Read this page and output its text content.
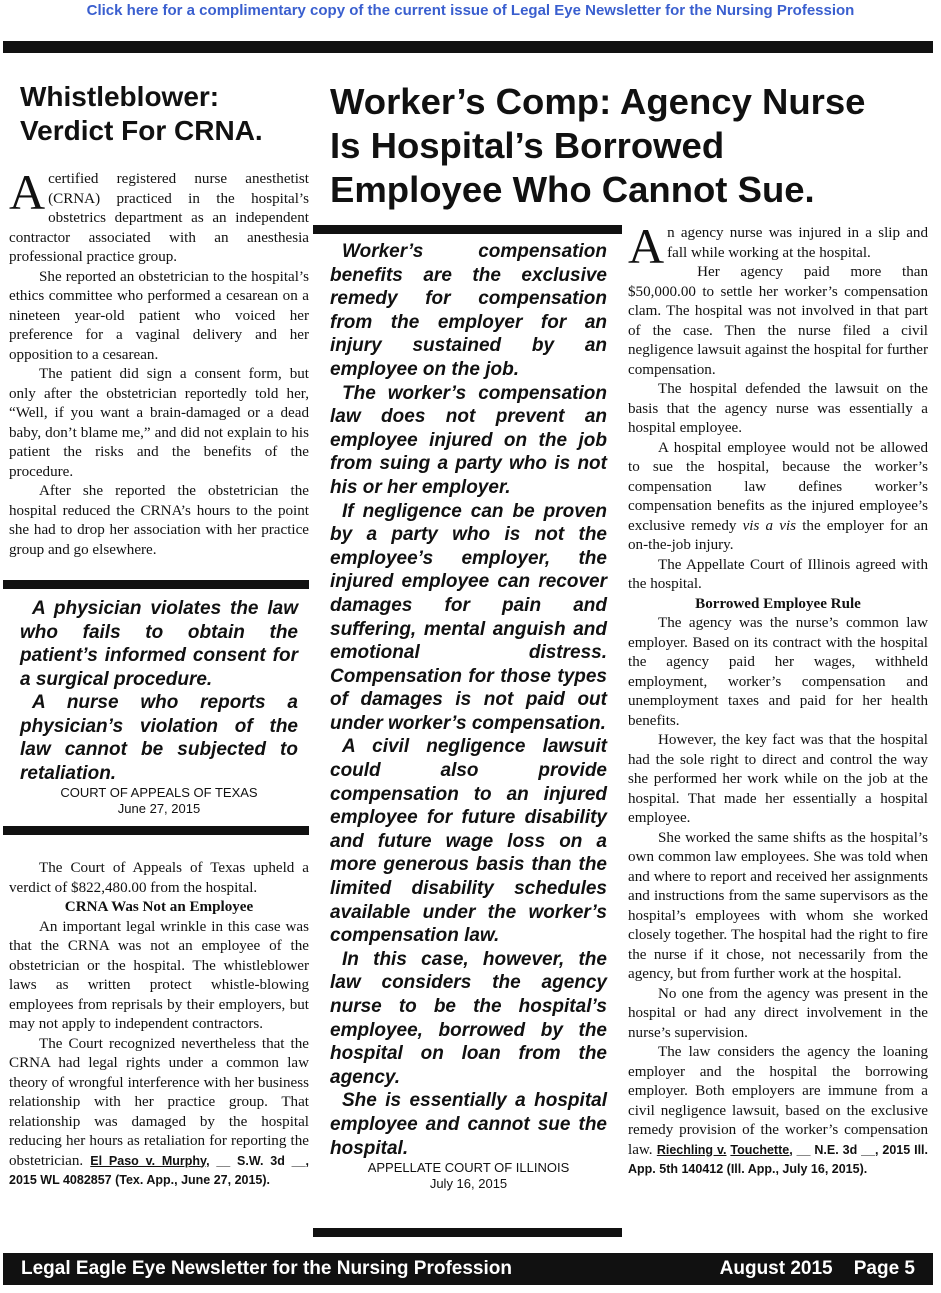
Click here for a complimentary copy of the current issue of Legal Eye Newsletter for the Nursing Profession
Whistleblower:
Verdict For CRNA.

Acertified registered nurse anesthetist (CRNA) practiced in the hospital’s obstetrics department as an independent contractor associated with an anesthesia professional practice group.

She reported an obstetrician to the hospital’s ethics committee who performed a cesarean on a nineteen year-old patient who voiced her preference for a vaginal delivery and her opposition to a cesarean.

The patient did sign a consent form, but only after the obstetrician reportedly told her, “Well, if you want a brain-damaged or a dead baby, don’t blame me,” and did not explain to his patient the risks and the benefits of the procedure.

After she reported the obstetrician the hospital reduced the CRNA’s hours to the point she had to drop her association with her practice group and go elsewhere.

A physician violates the law who fails to obtain the patient’s informed consent for a surgical procedure.

A nurse who reports a physician’s violation of the law cannot be subjected to retaliation.

COURT OF APPEALS OF TEXAS

June 27, 2015

The Court of Appeals of Texas upheld a verdict of $822,480.00 from the hospital.

CRNA Was Not an Employee

An important legal wrinkle in this case was that the CRNA was not an employee of the obstetrician or the hospital. The whistleblower laws as written protect whistle-blowing employees from reprisals by their employers, but may not apply to independent contractors.

The Court recognized nevertheless that the CRNA had legal rights under a common law theory of wrongful interference with her business relationship with her practice group. That relationship was damaged by the hospital reducing her hours as retaliation for reporting the obstetrician. El Paso v. Murphy, __ S.W. 3d __, 2015 WL 4082857 (Tex. App., June 27, 2015).

Worker’s Comp: Agency Nurse
Is Hospital’s Borrowed
Employee Who Cannot Sue.

Worker’s compensation benefits are the exclusive remedy for compensation from the employer for an injury sustained by an employee on the job.

The worker’s compensation law does not prevent an employee injured on the job from suing a party who is not his or her employer.

If negligence can be proven by a party who is not the employee’s employer, the injured employee can recover damages for pain and suffering, mental anguish and emotional distress. Compensation for those types of damages is not paid out under worker’s compensation.

A civil negligence lawsuit could also provide compensation to an injured employee for future disability and future wage loss on a more generous basis than the limited disability schedules available under the worker’s compensation law.

In this case, however, the law considers the agency nurse to be the hospital’s employee, borrowed by the hospital on loan from the agency.

She is essentially a hospital employee and cannot sue the hospital.

APPELLATE COURT OF ILLINOIS

July 16, 2015

An agency nurse was injured in a slip and fall while working at the hospital.

Her agency paid more than $50,000.00 to settle her worker’s compensation clam. The hospital was not involved in that part of the case. Then the nurse filed a civil negligence lawsuit against the hospital for further compensation.

The hospital defended the lawsuit on the basis that the agency nurse was essentially a hospital employee.

A hospital employee would not be allowed to sue the hospital, because the worker’s compensation law defines worker’s compensation benefits as the injured employee’s exclusive remedy vis a vis the employer for an on-the-job injury.

The Appellate Court of Illinois agreed with the hospital.

Borrowed Employee Rule

The agency was the nurse’s common law employer. Based on its contract with the hospital the agency paid her wages, withheld employment, worker’s compensation and unemployment taxes and paid for her health benefits.

However, the key fact was that the hospital had the sole right to direct and control the way she performed her work while on the job at the hospital. That made her essentially a hospital employee.

She worked the same shifts as the hospital’s own common law employees. She was told when and where to report and received her assignments and instructions from the same supervisors as the hospital’s employees with whom she worked closely together. The hospital had the right to fire the nurse if it chose, not necessarily from the agency, but from further work at the hospital.

No one from the agency was present in the hospital or had any direct involvement in the nurse’s supervision.

The law considers the agency the loaning employer and the hospital the borrowing employer. Both employers are immune from a civil negligence lawsuit, based on the exclusive remedy provision of the worker’s compensation law. Riechling v. Touchette, __ N.E. 3d __, 2015 Ill. App. 5th 140412 (Ill. App., July 16, 2015).

Legal Eagle Eye Newsletter for the Nursing Profession	August 2015    Page 5
